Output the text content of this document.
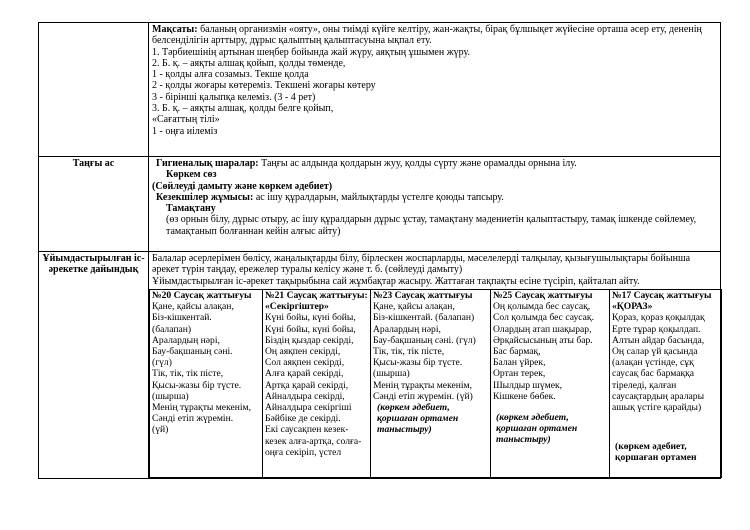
Мақсаты: баланың организмін «ояту», оны тиімді күйге келтіру, жан-жақты, бірақ бұлшықет жүйесіне орташа әсер ету, дененің белсенділігін арттыру, дұрыс қалыптың қалыптасуына ықпал ету.
1. Тәрбиешінің артынан шеңбер бойында жай жүру, аяқтың ұшымен жүру.
2. Б. қ. – аяқты алшақ қойып, қолды төменде,
1 - қолды алға созамыз. Текше қолда
2 - қолды жоғары көтереміз. Текшені жоғары көтеру
3 - бірінші қалыпқа келеміз. (3 - 4 рет)
3. Б. қ. – аяқты алшақ, қолды белге қойып,
«Сағаттың тілі»
1 - оңға иілеміз

Таңғы ас	Гигиеналық шаралар: Таңғы ас алдында қолдарын жуу, қолды сүрту және орамалды орнына ілу.
Көркем сөз
(Сөйлеуді дамыту және көркем әдебиет)
Кезекшілер жұмысы: ас ішу құралдарын, майлықтарды үстелге қоюды тапсыру.
Тамақтану
(өз орнын білу, дұрыс отыру, ас ішу құралдарын дұрыс ұстау, тамақтану мәдениетін қалыптастыру, тамақ ішкенде сөйлемеу, тамақтанып болғаннан кейін алғыс айту)

Ұйымдастырылған іс-әрекетке дайындық	
Балалар әсерлерімен бөлісу, жаңалықтарды білу, бірлескен жоспарларды, мәселелерді талқылау, қызығушылықтары бойынша әрекет түрін таңдау, ережелер туралы келісу және т. б. (сөйлеуді дамыту)
Ұйымдастырылған іс-әрекет тақырыбына сай жұмбақтар жасыру. Жаттаған тақпақты есіне түсіріп, қайталап айту.
№20 Саусақ жаттығуы
Қане, қайсы алақан,
Біз-кішкентай.
(балапан)
Аралардың нәрі,
Бау-бақшаның сәні.
(гүл)
Тік, тік, тік пісте,
Қысы-жазы бір түсте.
(шырша)
Менің тұрақты мекенім,
Сәнді етіп жүремін.
(үй)

№21 Саусақ жаттығуы: «Секіргіштер»
Күні бойы, күні бойы,
Күні бойы, күні бойы,
Біздің қыздар секірді,
Оң аяқпен секірді,
Сол аяқпен секірді,
Алға қарай секірді,
Артқа қарай секірді,
Айналдыра секірді,
Айналдыра секіргіші
Бәйбіке де секірді.
Екі саусақпен кезек-кезек алға-артқа, солға-оңға секіріп, үстел

№23 Саусақ жаттығуы
Қане, қайсы алақан,
Біз-кішкентай. (балапан)
Аралардың нәрі,
Бау-бақшаның сәні. (гүл)
Тік, тік, тік пісте,
Қысы-жазы бір түсте.
(шырша)
Менің тұрақты мекенім,
Сәнді етіп жүремін. (үй)
(көркем әдебиет, қоршаған ортамен таныстыру)

№25 Саусақ жаттығуы
Оң қолымда бес саусақ,
Сол қолымда бес саусақ.
Олардың атап шақырар,
Әрқайсысының аты бар.
Бас бармақ,
Балан үйрек,
Ортан терек,
Шылдыр шүмек,
Кішкене бөбек.
(көркем әдебиет, қоршаған ортамен таныстыру)

№17 Саусақ жаттығуы «ҚОРАЗ»
Қораз, қораз қоқылдақ
Ерте тұрар қоқылдап.
Алтын айдар басында,
Оң салар үй қасында
(алақан үстінде, сұқ саусақ бас бармаққа тіреледі, қалған саусақтардың аралары ашық үстіге қарайды)
(көркем әдебиет, қоршаған ортамен
